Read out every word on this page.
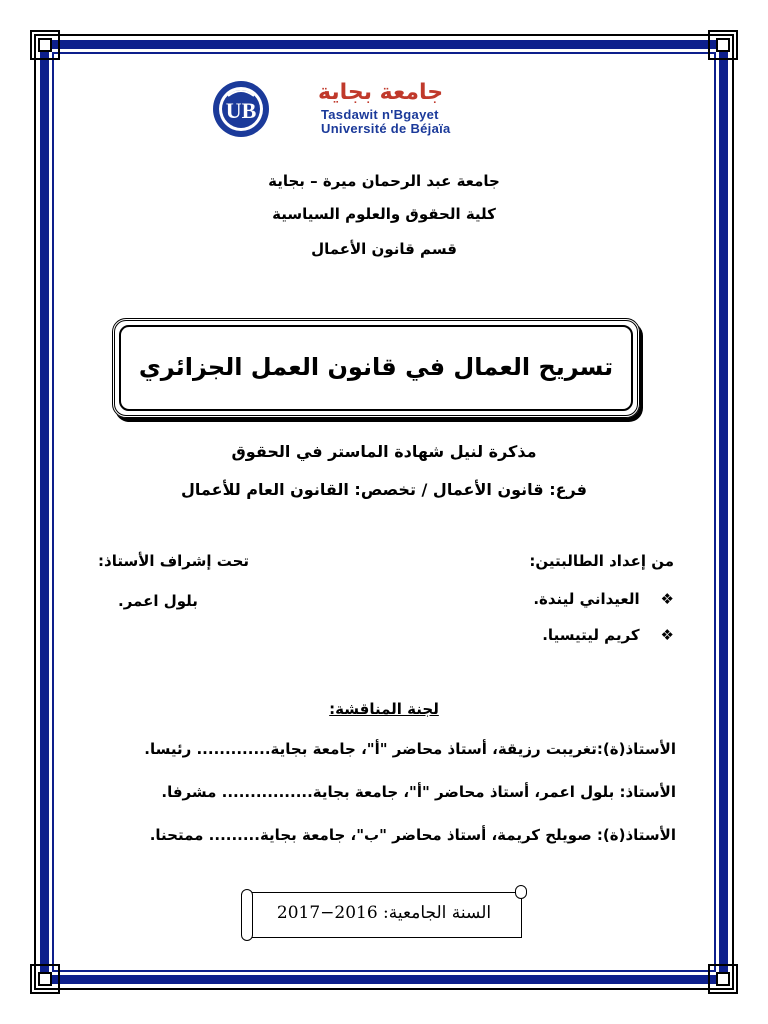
UB
جامعة بجاية
Tasdawit n'Bgayet
Université de Béjaïa
جامعة عبد الرحمان ميرة – بجاية
كلية الحقوق والعلوم السياسية
قسم قانون الأعمال
تسريح العمال في قانون العمل الجزائري
مذكرة لنيل شهادة الماستر في الحقوق
فرع: قانون الأعمال / تخصص: القانون العام للأعمال
من إعداد الطالبتين:
❖    العيداني ليندة.
❖    كريم ليتيسيا.
تحت إشراف الأستاذ:
بلول اعمر.
لجنة المناقشة:
الأستاذ(ة):تغريبت رزيقة، أستاذ محاضر "أ"، جامعة بجاية............. رئيسا.
الأستاذ: بلول اعمر، أستاذ محاضر "أ"، جامعة بجاية................ مشرفا.
الأستاذ(ة): صويلح كريمة، أستاذ محاضر "ب"، جامعة بجاية......... ممتحنا.
السنة الجامعية: 2016−2017
